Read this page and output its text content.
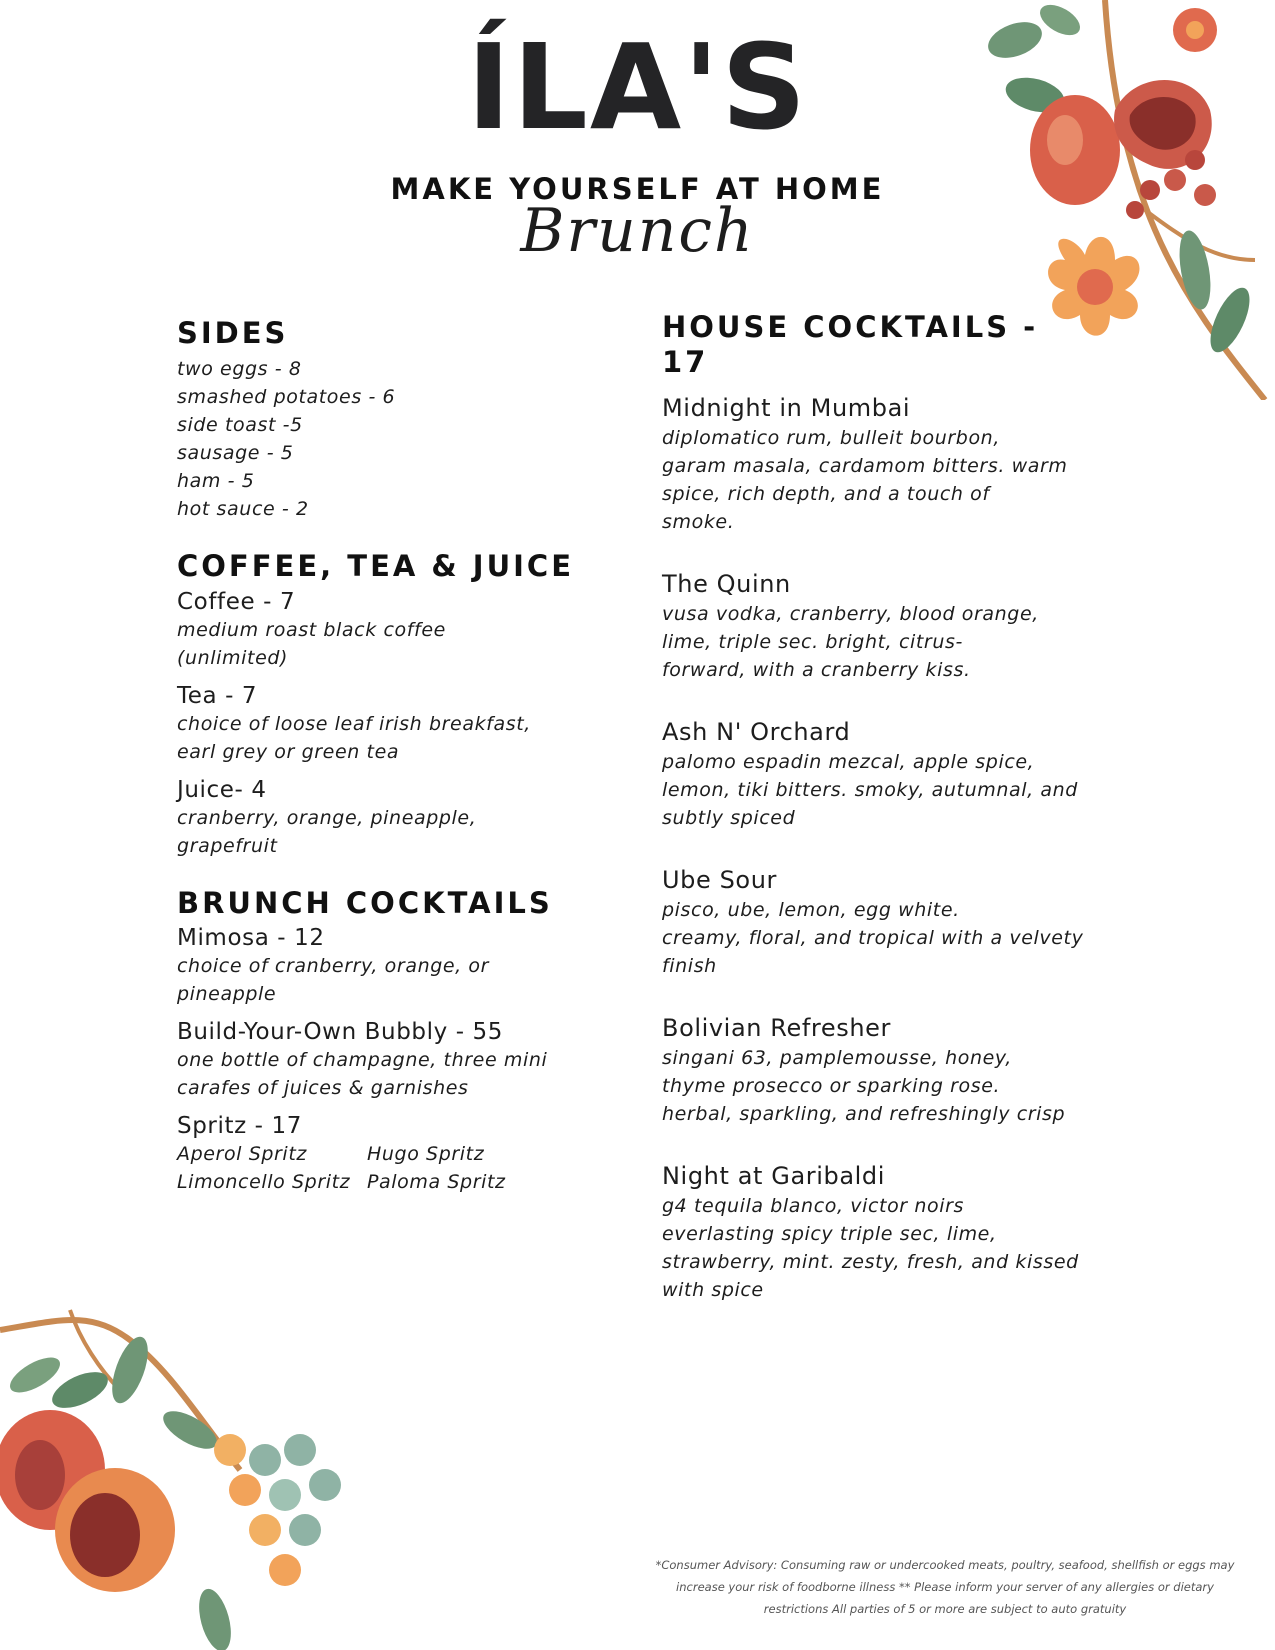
ÍLA'S
MAKE YOURSELF AT HOME
Brunch
SIDES

two eggs - 8

smashed potatoes - 6

side toast -5

sausage - 5

ham - 5

hot sauce - 2

COFFEE, TEA & JUICE

Coffee - 7

medium roast black coffee

(unlimited)

Tea - 7

choice of loose leaf irish breakfast,

earl grey or green tea

Juice- 4

cranberry, orange, pineapple,

grapefruit

BRUNCH COCKTAILS

Mimosa - 12

choice of cranberry, orange, or

pineapple

Build-Your-Own Bubbly - 55

one bottle of champagne, three mini

carafes of juices & garnishes

Spritz - 17

Aperol Spritz	Hugo Spritz

Limoncello Spritz Paloma Spritz

HOUSE COCKTAILS - 17

Midnight in Mumbai

diplomatico rum, bulleit bourbon,

garam masala, cardamom bitters. warm

spice, rich depth, and a touch of

smoke.

The Quinn

vusa vodka, cranberry, blood orange,

lime, triple sec. bright, citrus-

forward, with a cranberry kiss.

Ash N' Orchard

palomo espadin mezcal, apple spice,

lemon, tiki bitters. smoky, autumnal, and

subtly spiced

Ube Sour

pisco, ube, lemon, egg white.

creamy, floral, and tropical with a velvety

finish

Bolivian Refresher

singani 63, pamplemousse, honey,

thyme prosecco or sparking rose.

herbal, sparkling, and refreshingly crisp

Night at Garibaldi

g4 tequila blanco, victor noirs

everlasting spicy triple sec, lime,

strawberry, mint. zesty, fresh, and kissed

with spice

*Consumer Advisory: Consuming raw or undercooked meats, poultry, seafood, shellfish or eggs may
increase your risk of foodborne illness ** Please inform your server of any allergies or dietary
restrictions All parties of 5 or more are subject to auto gratuity
